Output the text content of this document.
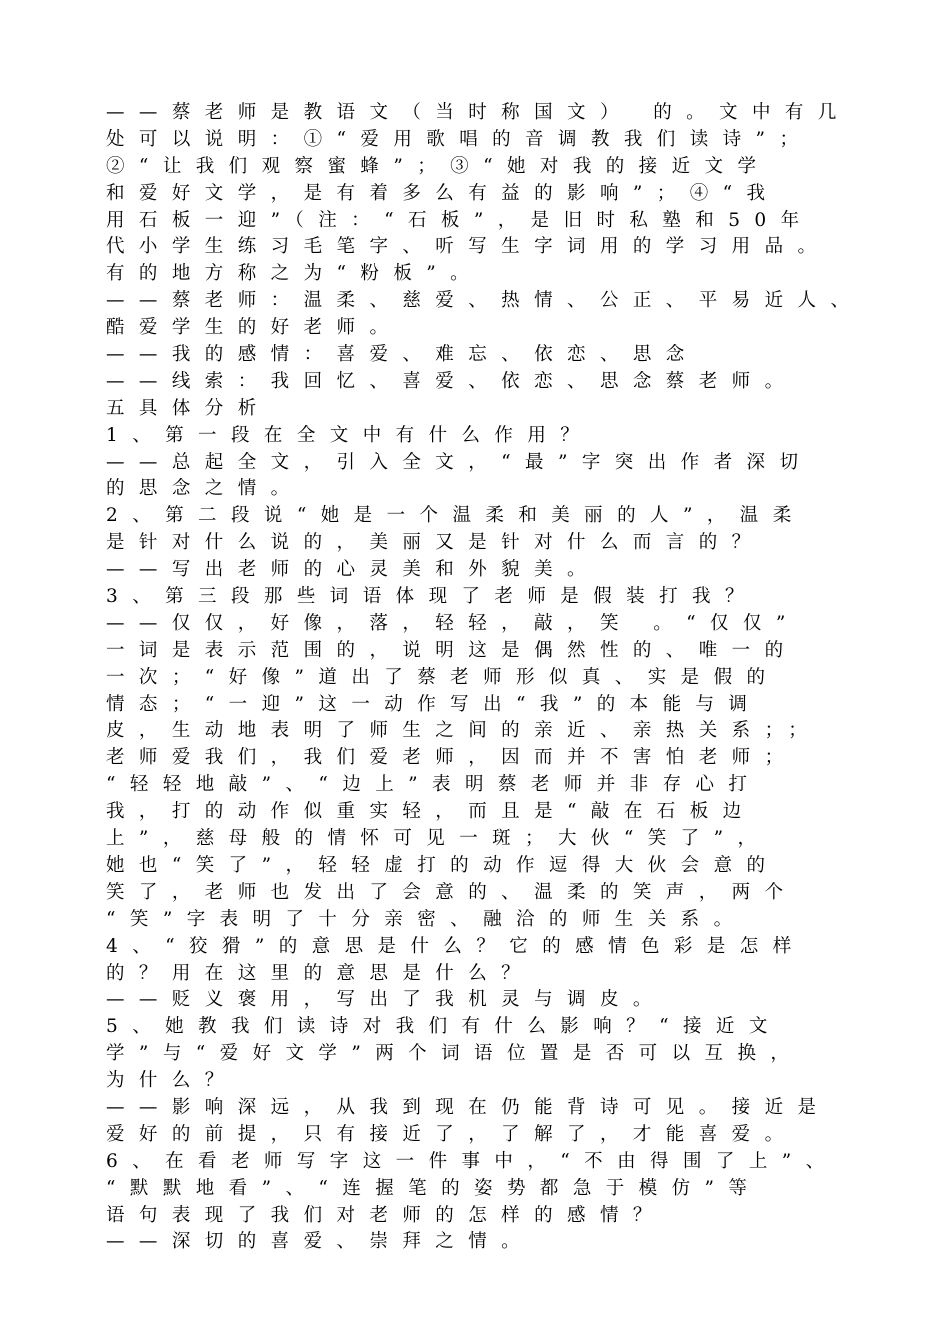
——蔡老师是教语文（当时称国文） 的。文中有几
处可以说明：①“爱用歌唱的音调教我们读诗”；
②“让我们观察蜜蜂”；③“她对我的接近文学
和爱好文学，是有着多么有益的影响”；④“我
用石板一迎”（注：“石板”，是旧时私塾和50年
代小学生练习毛笔字、听写生字词用的学习用品。
有的地方称之为“粉板”。
——蔡老师：温柔、慈爱、热情、公正、平易近人、
酷爱学生的好老师。
——我的感情：喜爱、难忘、依恋、思念
——线索：我回忆、喜爱、依恋、思念蔡老师。
五具体分析
1、第一段在全文中有什么作用？
——总起全文，引入全文，“最”字突出作者深切
的思念之情。
2、第二段说“她是一个温柔和美丽的人”，温柔
是针对什么说的，美丽又是针对什么而言的？
——写出老师的心灵美和外貌美。
3、第三段那些词语体现了老师是假装打我？
——仅仅，好像，落，轻轻，敲，笑 。“仅仅”
一词是表示范围的，说明这是偶然性的、唯一的
一次；“好像”道出了蔡老师形似真、实是假的
情态；“一迎”这一动作写出“我”的本能与调
皮，生动地表明了师生之间的亲近、亲热关系；；
老师爱我们，我们爱老师，因而并不害怕老师；
“轻轻地敲”、“边上”表明蔡老师并非存心打
我，打的动作似重实轻，而且是“敲在石板边
上”，慈母般的情怀可见一斑；大伙“笑了”，
她也“笑了”，轻轻虚打的动作逗得大伙会意的
笑了，老师也发出了会意的、温柔的笑声，两个
“笑”字表明了十分亲密、融洽的师生关系。
4、“狡猾”的意思是什么？它的感情色彩是怎样
的？用在这里的意思是什么？
——贬义褒用，写出了我机灵与调皮。
5、她教我们读诗对我们有什么影响？“接近文
学”与“爱好文学”两个词语位置是否可以互换，
为什么？
——影响深远，从我到现在仍能背诗可见。接近是
爱好的前提，只有接近了，了解了，才能喜爱。
6、在看老师写字这一件事中，“不由得围了上”、
“默默地看”、“连握笔的姿势都急于模仿”等
语句表现了我们对老师的怎样的感情？
——深切的喜爱、崇拜之情。
